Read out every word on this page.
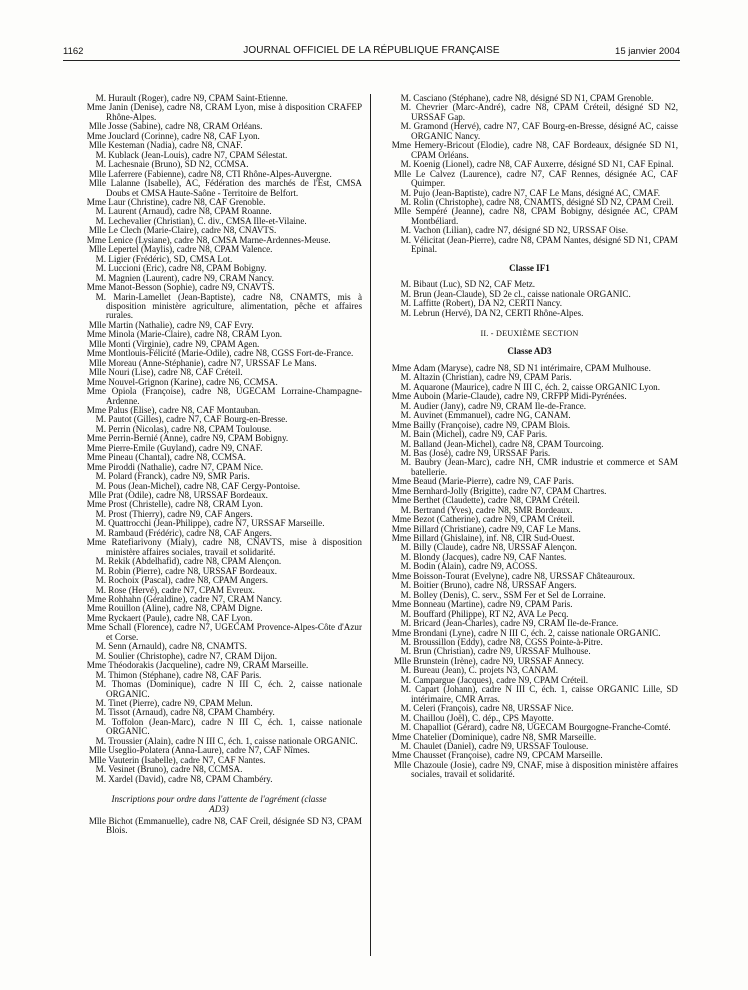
1162	JOURNAL OFFICIEL DE LA RÉPUBLIQUE FRANÇAISE	15 janvier 2004

M. Hurault (Roger), cadre N9, CPAM Saint-Etienne.

Mme Janin (Denise), cadre N8, CRAM Lyon, mise à disposition CRAFEP Rhône-Alpes.

Mlle Josse (Sabine), cadre N8, CRAM Orléans.

Mme Jouclard (Corinne), cadre N8, CAF Lyon.

Mlle Kesteman (Nadia), cadre N8, CNAF.

M. Kublack (Jean-Louis), cadre N7, CPAM Sélestat.

M. Lachesnaie (Bruno), SD N2, CCMSA.

Mlle Laferrere (Fabienne), cadre N8, CTI Rhône-Alpes-Auvergne.

Mlle Lalanne (Isabelle), AC, Fédération des marchés de l'Est, CMSA Doubs et CMSA Haute-Saône - Territoire de Belfort.

Mme Laur (Christine), cadre N8, CAF Grenoble.

M. Laurent (Arnaud), cadre N8, CPAM Roanne.

M. Lechevalier (Christian), C. div., CMSA Ille-et-Vilaine.

Mlle Le Clech (Marie-Claire), cadre N8, CNAVTS.

Mme Lenice (Lysiane), cadre N8, CMSA Marne-Ardennes-Meuse.

Mlle Lepertel (Maylis), cadre N8, CPAM Valence.

M. Ligier (Frédéric), SD, CMSA Lot.

M. Luccioni (Eric), cadre N8, CPAM Bobigny.

M. Magnien (Laurent), cadre N9, CRAM Nancy.

Mme Manot-Besson (Sophie), cadre N9, CNAVTS.

M. Marin-Lamellet (Jean-Baptiste), cadre N8, CNAMTS, mis à disposition ministère agriculture, alimentation, pêche et affaires rurales.

Mlle Martin (Nathalie), cadre N9, CAF Evry.

Mme Minola (Marie-Claire), cadre N8, CRAM Lyon.

Mlle Monti (Virginie), cadre N9, CPAM Agen.

Mme Montlouis-Félicité (Marie-Odile), cadre N8, CGSS Fort-de-France.

Mlle Moreau (Anne-Stéphanie), cadre N7, URSSAF Le Mans.

Mlle Nouri (Lise), cadre N8, CAF Créteil.

Mme Nouvel-Grignon (Karine), cadre N6, CCMSA.

Mme Opiola (Françoise), cadre N8, UGECAM Lorraine-Champagne-Ardenne.

Mme Palus (Elise), cadre N8, CAF Montauban.

M. Pautot (Gilles), cadre N7, CAF Bourg-en-Bresse.

M. Perrin (Nicolas), cadre N8, CPAM Toulouse.

Mme Perrin-Bernié (Anne), cadre N9, CPAM Bobigny.

Mme Pierre-Emile (Guyland), cadre N9, CNAF.

Mme Pineau (Chantal), cadre N8, CCMSA.

Mme Piroddi (Nathalie), cadre N7, CPAM Nice.

M. Polard (Franck), cadre N9, SMR Paris.

M. Pous (Jean-Michel), cadre N8, CAF Cergy-Pontoise.

Mlle Prat (Odile), cadre N8, URSSAF Bordeaux.

Mme Prost (Christelle), cadre N8, CRAM Lyon.

M. Prost (Thierry), cadre N9, CAF Angers.

M. Quattrocchi (Jean-Philippe), cadre N7, URSSAF Marseille.

M. Rambaud (Frédéric), cadre N8, CAF Angers.

Mme Ratefiarivony (Mialy), cadre N8, CNAVTS, mise à disposition ministère affaires sociales, travail et solidarité.

M. Rekik (Abdelhafid), cadre N8, CPAM Alençon.

M. Robin (Pierre), cadre N8, URSSAF Bordeaux.

M. Rochoix (Pascal), cadre N8, CPAM Angers.

M. Rose (Hervé), cadre N7, CPAM Evreux.

Mme Rohhahn (Géraldine), cadre N7, CRAM Nancy.

Mme Rouillon (Aline), cadre N8, CPAM Digne.

Mme Ryckaert (Paule), cadre N8, CAF Lyon.

Mme Schall (Florence), cadre N7, UGECAM Provence-Alpes-Côte d'Azur et Corse.

M. Senn (Arnauld), cadre N8, CNAMTS.

M. Soulier (Christophe), cadre N7, CRAM Dijon.

Mme Théodorakis (Jacqueline), cadre N9, CRAM Marseille.

M. Thimon (Stéphane), cadre N8, CAF Paris.

M. Thomas (Dominique), cadre N III C, éch. 2, caisse nationale ORGANIC.

M. Tinet (Pierre), cadre N9, CPAM Melun.

M. Tissot (Arnaud), cadre N8, CPAM Chambéry.

M. Toffolon (Jean-Marc), cadre N III C, éch. 1, caisse nationale ORGANIC.

M. Troussier (Alain), cadre N III C, éch. 1, caisse nationale ORGANIC.

Mlle Useglio-Polatera (Anna-Laure), cadre N7, CAF Nîmes.

Mlle Vauterin (Isabelle), cadre N7, CAF Nantes.

M. Vesinet (Bruno), cadre N8, CCMSA.

M. Xardel (David), cadre N8, CPAM Chambéry.

Inscriptions pour ordre dans l'attente de l'agrément (classe AD3)

Mlle Bichot (Emmanuelle), cadre N8, CAF Creil, désignée SD N3, CPAM Blois.

M. Casciano (Stéphane), cadre N8, désigné SD N1, CPAM Grenoble.

M. Chevrier (Marc-André), cadre N8, CPAM Créteil, désigné SD N2, URSSAF Gap.

M. Gramond (Hervé), cadre N7, CAF Bourg-en-Bresse, désigné AC, caisse ORGANIC Nancy.

Mme Hemery-Bricout (Elodie), cadre N8, CAF Bordeaux, désignée SD N1, CPAM Orléans.

M. Koenig (Lionel), cadre N8, CAF Auxerre, désigné SD N1, CAF Epinal.

Mlle Le Calvez (Laurence), cadre N7, CAF Rennes, désignée AC, CAF Quimper.

M. Pujo (Jean-Baptiste), cadre N7, CAF Le Mans, désigné AC, CMAF.

M. Rolin (Christophe), cadre N8, CNAMTS, désigné SD N2, CPAM Creil.

Mlle Sempéré (Jeanne), cadre N8, CPAM Bobigny, désignée AC, CPAM Montbéliard.

M. Vachon (Lilian), cadre N7, désigné SD N2, URSSAF Oise.

M. Vélicitat (Jean-Pierre), cadre N8, CPAM Nantes, désigné SD N1, CPAM Epinal.

Classe IF1

M. Bibaut (Luc), SD N2, CAF Metz.

M. Brun (Jean-Claude), SD 2e cl., caisse nationale ORGANIC.

M. Laffitte (Robert), DA N2, CERTI Nancy.

M. Lebrun (Hervé), DA N2, CERTI Rhône-Alpes.

II. - DEUXIÈME SECTION
Classe AD3

Mme Adam (Maryse), cadre N8, SD N1 intérimaire, CPAM Mulhouse.

M. Altazin (Christian), cadre N9, CPAM Paris.

M. Aquarone (Maurice), cadre N III C, éch. 2, caisse ORGANIC Lyon.

Mme Auboin (Marie-Claude), cadre N9, CRFPP Midi-Pyrénées.

M. Audier (Jany), cadre N9, CRAM Ile-de-France.

M. Auvinet (Emmanuel), cadre NG, CANAM.

Mme Bailly (Françoise), cadre N9, CPAM Blois.

M. Bain (Michel), cadre N9, CAF Paris.

M. Balland (Jean-Michel), cadre N8, CPAM Tourcoing.

M. Bas (José), cadre N9, URSSAF Paris.

M. Baubry (Jean-Marc), cadre NH, CMR industrie et commerce et SAM batellerie.

Mme Beaud (Marie-Pierre), cadre N9, CAF Paris.

Mme Bernhard-Jolly (Brigitte), cadre N7, CPAM Chartres.

Mme Berthet (Claudette), cadre N8, CPAM Créteil.

M. Bertrand (Yves), cadre N8, SMR Bordeaux.

Mme Bezot (Catherine), cadre N9, CPAM Créteil.

Mme Billard (Christiane), cadre N9, CAF Le Mans.

Mme Billard (Ghislaine), inf. N8, CIR Sud-Ouest.

M. Billy (Claude), cadre N8, URSSAF Alençon.

M. Blondy (Jacques), cadre N9, CAF Nantes.

M. Bodin (Alain), cadre N9, ACOSS.

Mme Boisson-Tourat (Evelyne), cadre N8, URSSAF Châteauroux.

M. Boitier (Bruno), cadre N8, URSSAF Angers.

M. Bolley (Denis), C. serv., SSM Fer et Sel de Lorraine.

Mme Bonneau (Martine), cadre N9, CPAM Paris.

M. Bouffard (Philippe), RT N2, AVA Le Pecq.

M. Bricard (Jean-Charles), cadre N9, CRAM Ile-de-France.

Mme Brondani (Lyne), cadre N III C, éch. 2, caisse nationale ORGANIC.

M. Broussillon (Eddy), cadre N8, CGSS Pointe-à-Pitre.

M. Brun (Christian), cadre N9, URSSAF Mulhouse.

Mlle Brunstein (Irène), cadre N9, URSSAF Annecy.

M. Bureau (Jean), C. projets N3, CANAM.

M. Campargue (Jacques), cadre N9, CPAM Créteil.

M. Capart (Johann), cadre N III C, éch. 1, caisse ORGANIC Lille, SD intérimaire, CMR Arras.

M. Celeri (François), cadre N8, URSSAF Nice.

M. Chaillou (Joël), C. dép., CPS Mayotte.

M. Chapalliot (Gérard), cadre N8, UGECAM Bourgogne-Franche-Comté.

Mme Chatelier (Dominique), cadre N8, SMR Marseille.

M. Chaulet (Daniel), cadre N9, URSSAF Toulouse.

Mme Chausset (Françoise), cadre N9, CPCAM Marseille.

Mlle Chazoule (Josie), cadre N9, CNAF, mise à disposition ministère affaires sociales, travail et solidarité.
